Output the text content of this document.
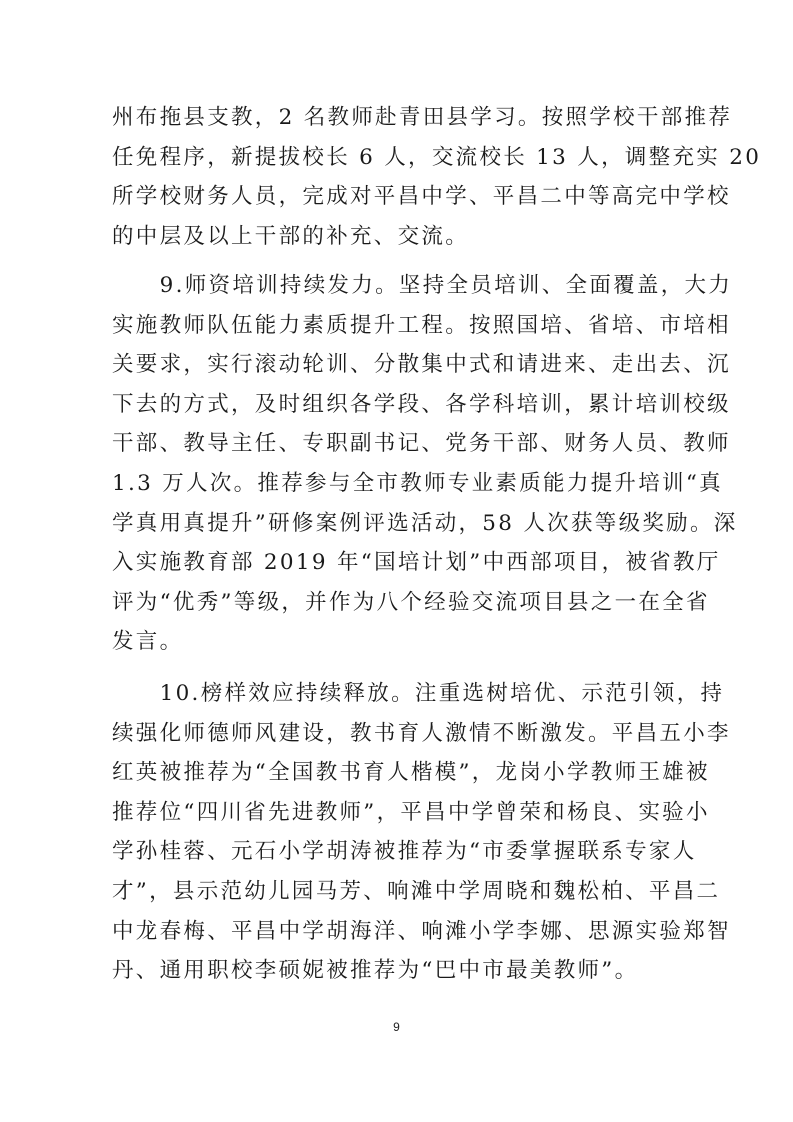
州布拖县支教，2 名教师赴青田县学习。按照学校干部推荐
任免程序，新提拔校长 6 人，交流校长 13 人，调整充实 20
所学校财务人员，完成对平昌中学、平昌二中等高完中学校
的中层及以上干部的补充、交流。
　　9.师资培训持续发力。坚持全员培训、全面覆盖，大力
实施教师队伍能力素质提升工程。按照国培、省培、市培相
关要求，实行滚动轮训、分散集中式和请进来、走出去、沉
下去的方式，及时组织各学段、各学科培训，累计培训校级
干部、教导主任、专职副书记、党务干部、财务人员、教师
1.3 万人次。推荐参与全市教师专业素质能力提升培训“真
学真用真提升”研修案例评选活动，58 人次获等级奖励。深
入实施教育部 2019 年“国培计划”中西部项目，被省教厅
评为“优秀”等级，并作为八个经验交流项目县之一在全省
发言。
　　10.榜样效应持续释放。注重选树培优、示范引领，持
续强化师德师风建设，教书育人激情不断激发。平昌五小李
红英被推荐为“全国教书育人楷模”，龙岗小学教师王雄被
推荐位“四川省先进教师”，平昌中学曾荣和杨良、实验小
学孙桂蓉、元石小学胡涛被推荐为“市委掌握联系专家人
才”，县示范幼儿园马芳、响滩中学周晓和魏松柏、平昌二
中龙春梅、平昌中学胡海洋、响滩小学李娜、思源实验郑智
丹、通用职校李硕妮被推荐为“巴中市最美教师”。
9
